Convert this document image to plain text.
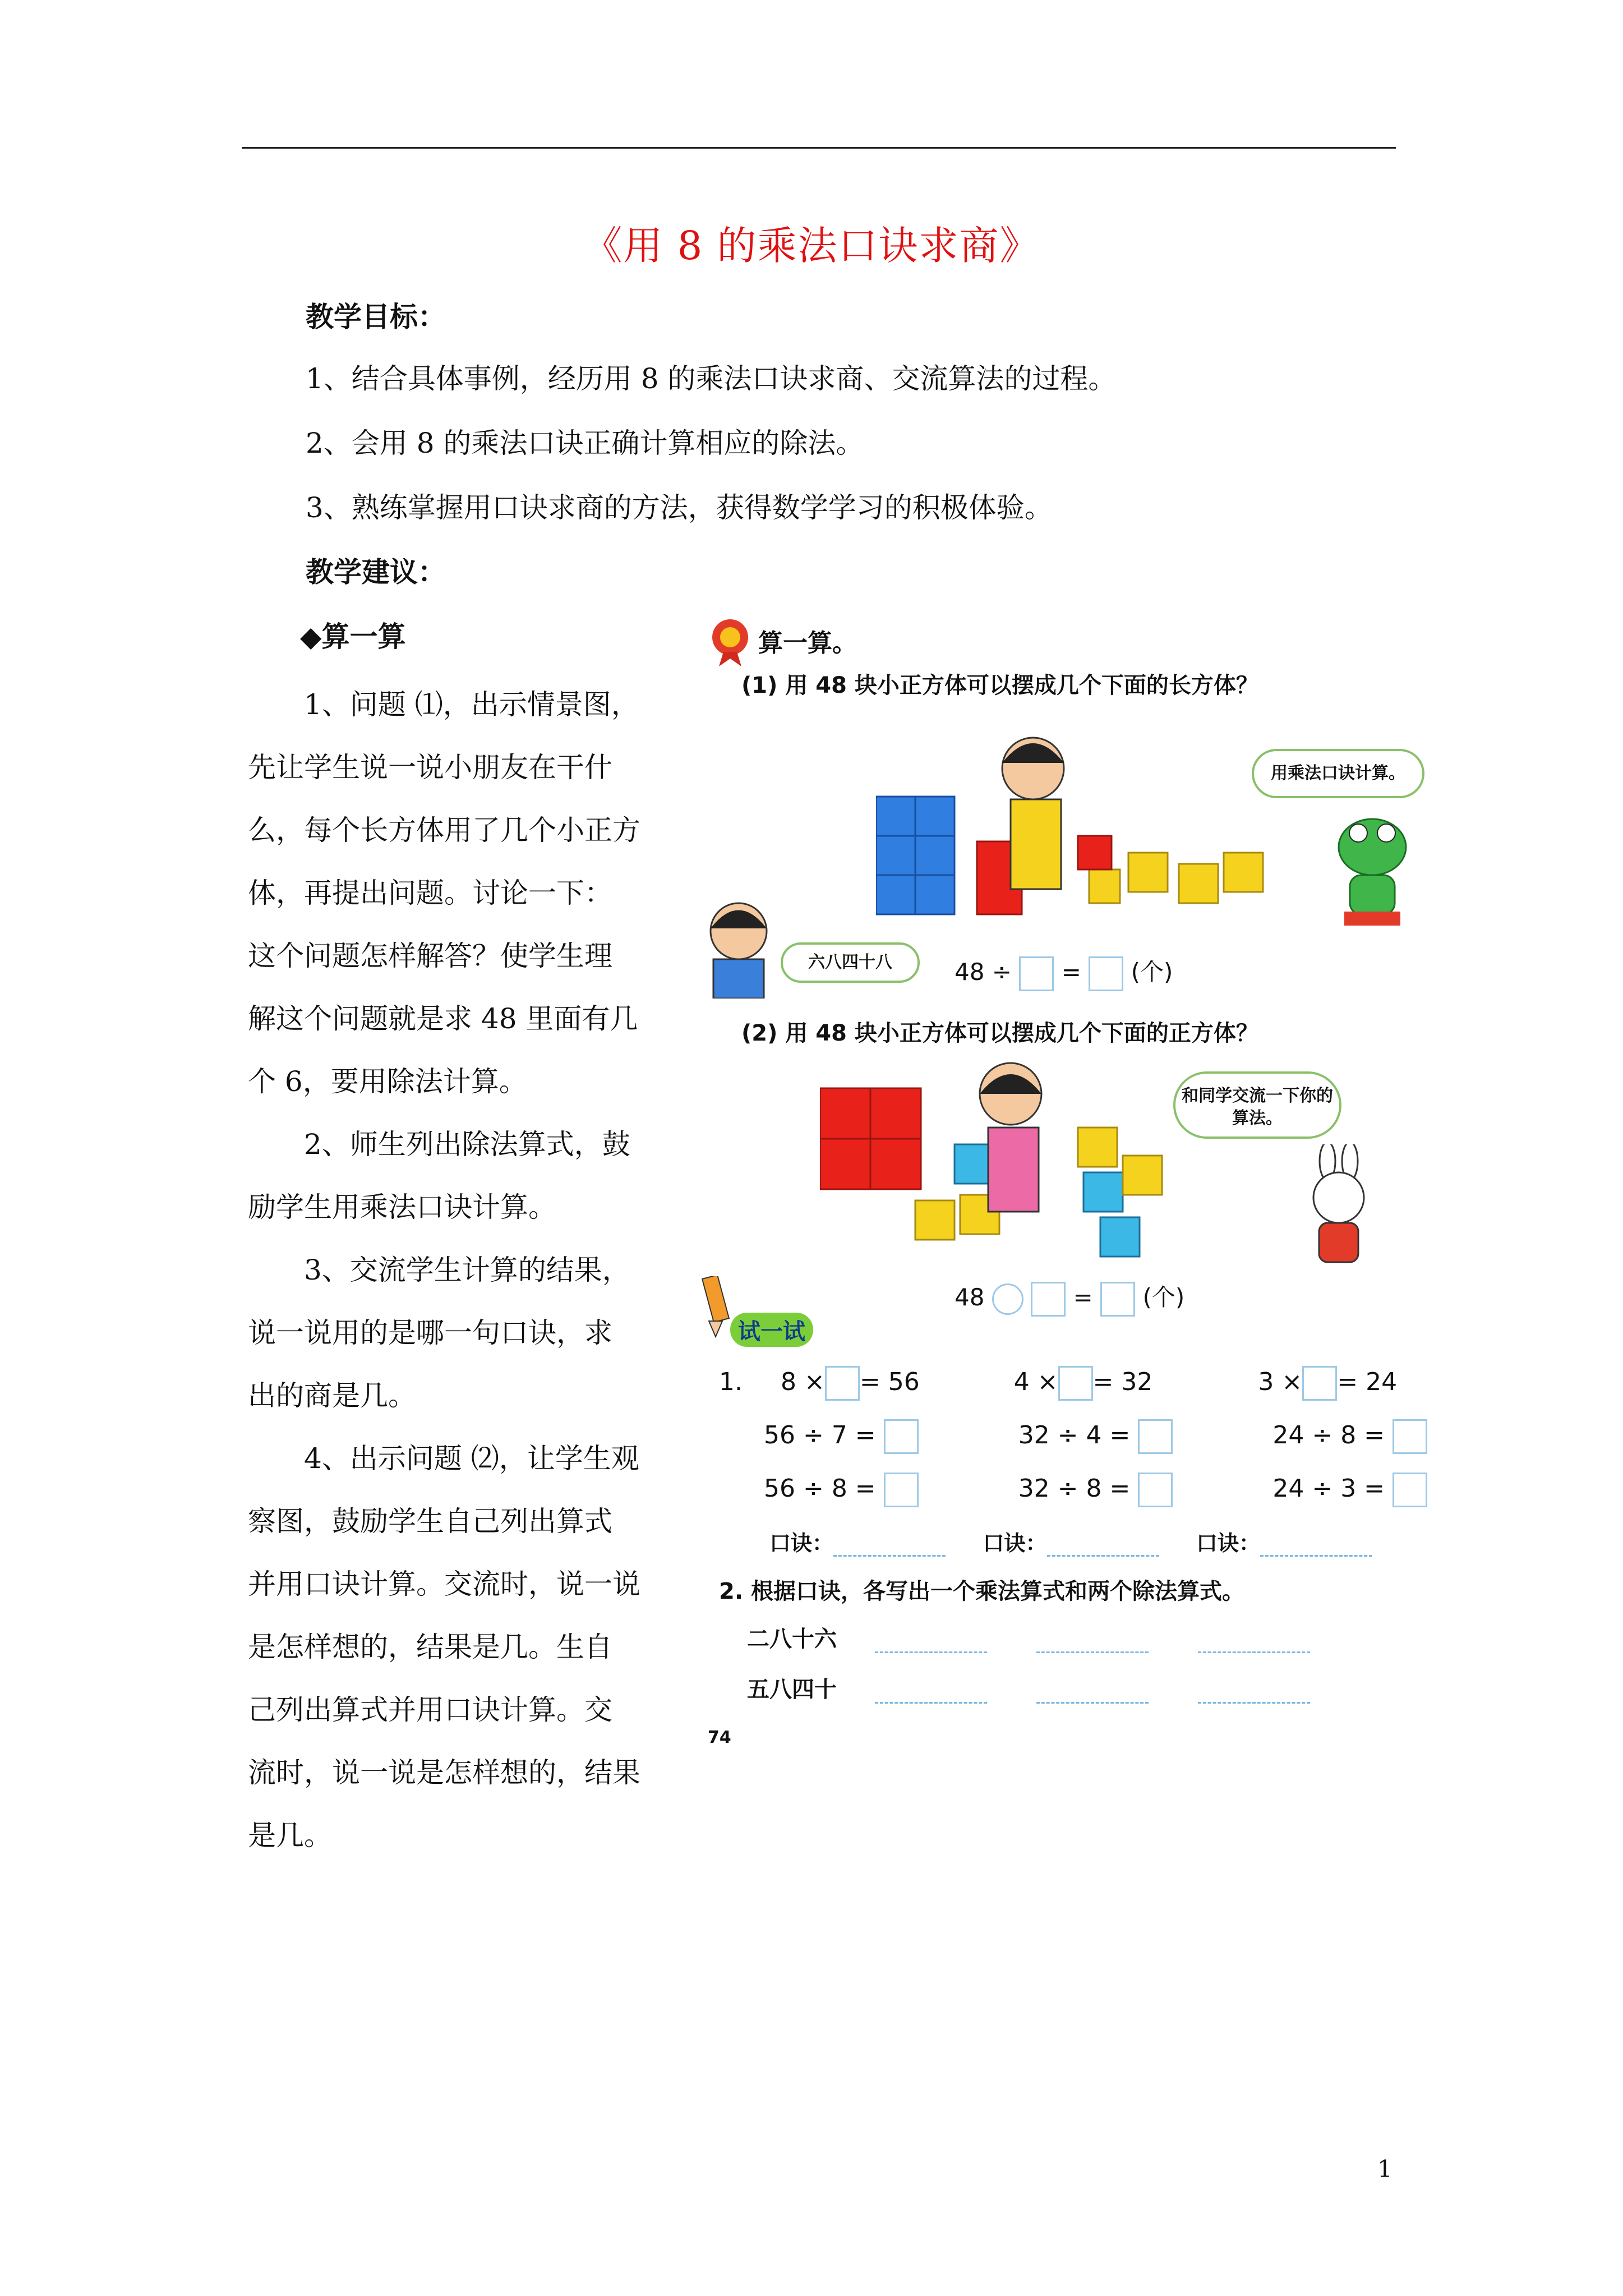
《用 8 的乘法口诀求商》
教学目标：
1、结合具体事例，经历用 8 的乘法口诀求商、交流算法的过程。
2、会用 8 的乘法口诀正确计算相应的除法。
3、熟练掌握用口诀求商的方法，获得数学学习的积极体验。
教学建议：
◆算一算
　　1、问题 ⑴，出示情景图，
先让学生说一说小朋友在干什
么，每个长方体用了几个小正方
体，再提出问题。讨论一下：
这个问题怎样解答？使学生理
解这个问题就是求 48 里面有几
个 6，要用除法计算。
　　2、师生列出除法算式，鼓
励学生用乘法口诀计算。
　　3、交流学生计算的结果，
说一说用的是哪一句口诀，求
出的商是几。
　　4、出示问题 ⑵，让学生观
察图，鼓励学生自己列出算式
并用口诀计算。交流时，说一说
是怎样想的，结果是几。生自
己列出算式并用口诀计算。交
流时，说一说是怎样想的，结果
是几。
算一算。
(1) 用 48 块小正方体可以摆成几个下面的长方体？
用乘法口诀计算。
六八四十八	48 ÷ = (个)
(2) 用 48 块小正方体可以摆成几个下面的正方体？
和同学交流一下你的算法。
48	= (个)
试一试
1. 8 × = 56	4 × = 32	3 × = 24
56 ÷ 7 =	32 ÷ 4 =	24 ÷ 8 =
56 ÷ 8 =	32 ÷ 8 =	24 ÷ 3 =
口诀：	口诀：	口诀：
2. 根据口诀，各写出一个乘法算式和两个除法算式。
二八十六
五八四十
74
1
